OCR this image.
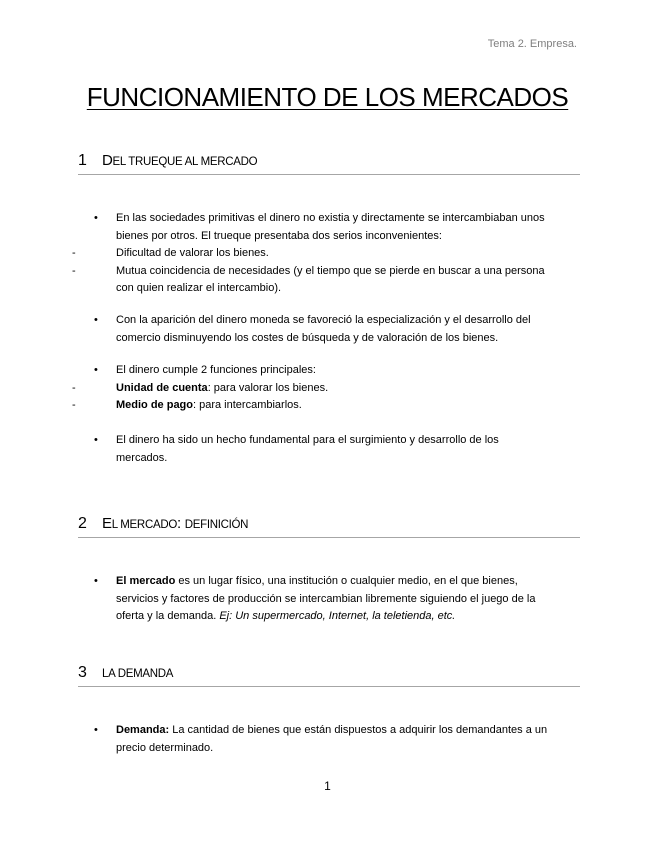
Tema 2. Empresa.
FUNCIONAMIENTO DE LOS MERCADOS
1 DEL TRUEQUE AL MERCADO
• En las sociedades primitivas el dinero no existia y directamente se intercambiaban unos
bienes por otros. El trueque presentaba dos serios inconvenientes:
-	Dificultad de valorar los bienes.
-	Mutua coincidencia de necesidades (y el tiempo que se pierde en buscar a una persona
con quien realizar el intercambio).
• Con la aparición del dinero moneda se favoreció la especialización y el desarrollo del
comercio disminuyendo los costes de búsqueda y de valoración de los bienes.
• El dinero cumple 2 funciones principales:
-	Unidad de cuenta: para valorar los bienes.
-	Medio de pago: para intercambiarlos.
• El dinero ha sido un hecho fundamental para el surgimiento y desarrollo de los
mercados.
2 EL MERCADO: DEFINICIÓN
• El mercado es un lugar físico, una institución o cualquier medio, en el que bienes,
servicios y factores de producción se intercambian libremente siguiendo el juego de la
oferta y la demanda. Ej: Un supermercado, Internet, la teletienda, etc.
3 LA DEMANDA
• Demanda: La cantidad de bienes que están dispuestos a adquirir los demandantes a un
precio determinado.
1
